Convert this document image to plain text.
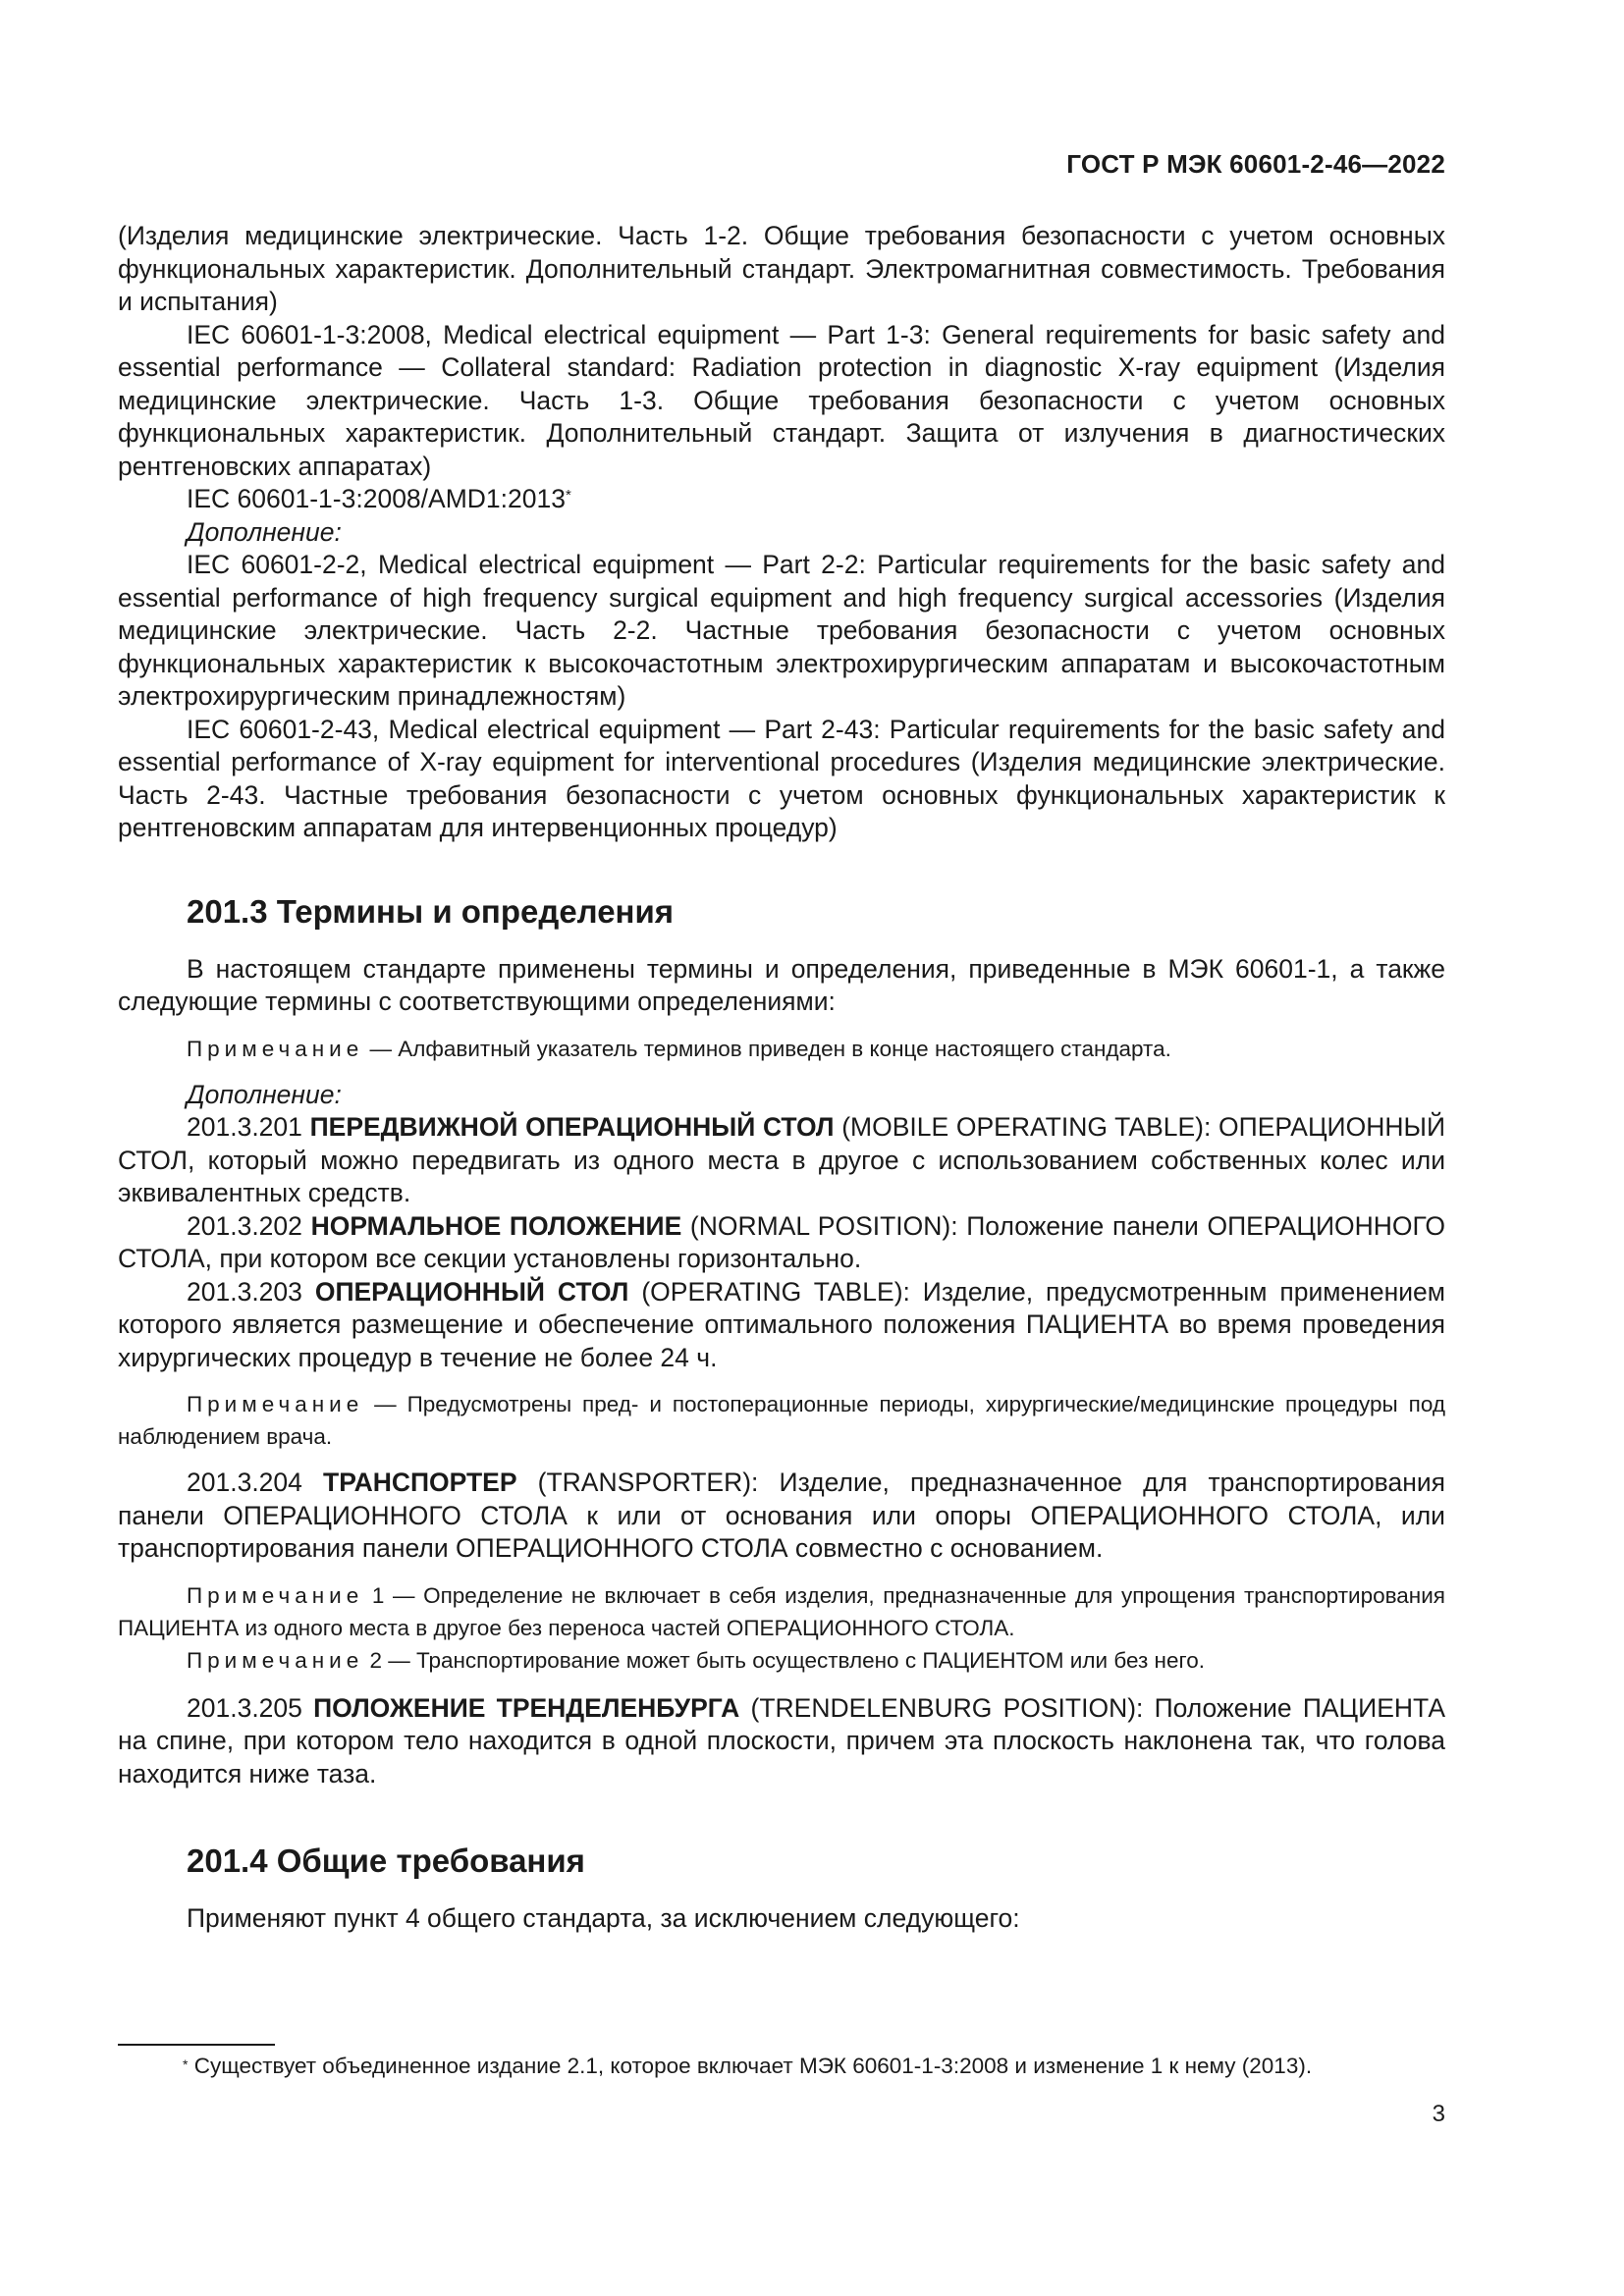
ГОСТ Р МЭК 60601-2-46—2022

(Изделия медицинские электрические. Часть 1-2. Общие требования безопасности с учетом основных функциональных характеристик. Дополнительный стандарт. Электромагнитная совместимость. Требования и испытания)

IEC 60601-1-3:2008, Medical electrical equipment — Part 1-3: General requirements for basic safety and essential performance — Collateral standard: Radiation protection in diagnostic X-ray equipment (Изделия медицинские электрические. Часть 1-3. Общие требования безопасности с учетом основных функциональных характеристик. Дополнительный стандарт. Защита от излучения в диагностических рентгеновских аппаратах)

IEC 60601-1-3:2008/AMD1:2013*

Дополнение:

IEC 60601-2-2, Medical electrical equipment — Part 2-2: Particular requirements for the basic safety and essential performance of high frequency surgical equipment and high frequency surgical accessories (Изделия медицинские электрические. Часть 2-2. Частные требования безопасности с учетом основных функциональных характеристик к высокочастотным электрохирургическим аппаратам и высокочастотным электрохирургическим принадлежностям)

IEC 60601-2-43, Medical electrical equipment — Part 2-43: Particular requirements for the basic safety and essential performance of X-ray equipment for interventional procedures (Изделия медицинские электрические. Часть 2-43. Частные требования безопасности с учетом основных функциональных характеристик к рентгеновским аппаратам для интервенционных процедур)

201.3 Термины и определения

В настоящем стандарте применены термины и определения, приведенные в МЭК 60601-1, а также следующие термины с соответствующими определениями:

Примечание — Алфавитный указатель терминов приведен в конце настоящего стандарта.

Дополнение:

201.3.201 ПЕРЕДВИЖНОЙ ОПЕРАЦИОННЫЙ СТОЛ (MOBILE OPERATING TABLE): ОПЕРАЦИОННЫЙ СТОЛ, который можно передвигать из одного места в другое с использованием собственных колес или эквивалентных средств.

201.3.202 НОРМАЛЬНОЕ ПОЛОЖЕНИЕ (NORMAL POSITION): Положение панели ОПЕРАЦИОННОГО СТОЛА, при котором все секции установлены горизонтально.

201.3.203 ОПЕРАЦИОННЫЙ СТОЛ (OPERATING TABLE): Изделие, предусмотренным применением которого является размещение и обеспечение оптимального положения ПАЦИЕНТА во время проведения хирургических процедур в течение не более 24 ч.

Примечание — Предусмотрены пред- и постоперационные периоды, хирургические/медицинские процедуры под наблюдением врача.

201.3.204 ТРАНСПОРТЕР (TRANSPORTER): Изделие, предназначенное для транспортирования панели ОПЕРАЦИОННОГО СТОЛА к или от основания или опоры ОПЕРАЦИОННОГО СТОЛА, или транспортирования панели ОПЕРАЦИОННОГО СТОЛА совместно с основанием.

Примечание 1 — Определение не включает в себя изделия, предназначенные для упрощения транспортирования ПАЦИЕНТА из одного места в другое без переноса частей ОПЕРАЦИОННОГО СТОЛА.

Примечание 2 — Транспортирование может быть осуществлено с ПАЦИЕНТОМ или без него.

201.3.205 ПОЛОЖЕНИЕ ТРЕНДЕЛЕНБУРГА (TRENDELENBURG POSITION): Положение ПАЦИЕНТА на спине, при котором тело находится в одной плоскости, причем эта плоскость наклонена так, что голова находится ниже таза.

201.4 Общие требования

Применяют пункт 4 общего стандарта, за исключением следующего:

* Существует объединенное издание 2.1, которое включает МЭК 60601-1-3:2008 и изменение 1 к нему (2013).
3
